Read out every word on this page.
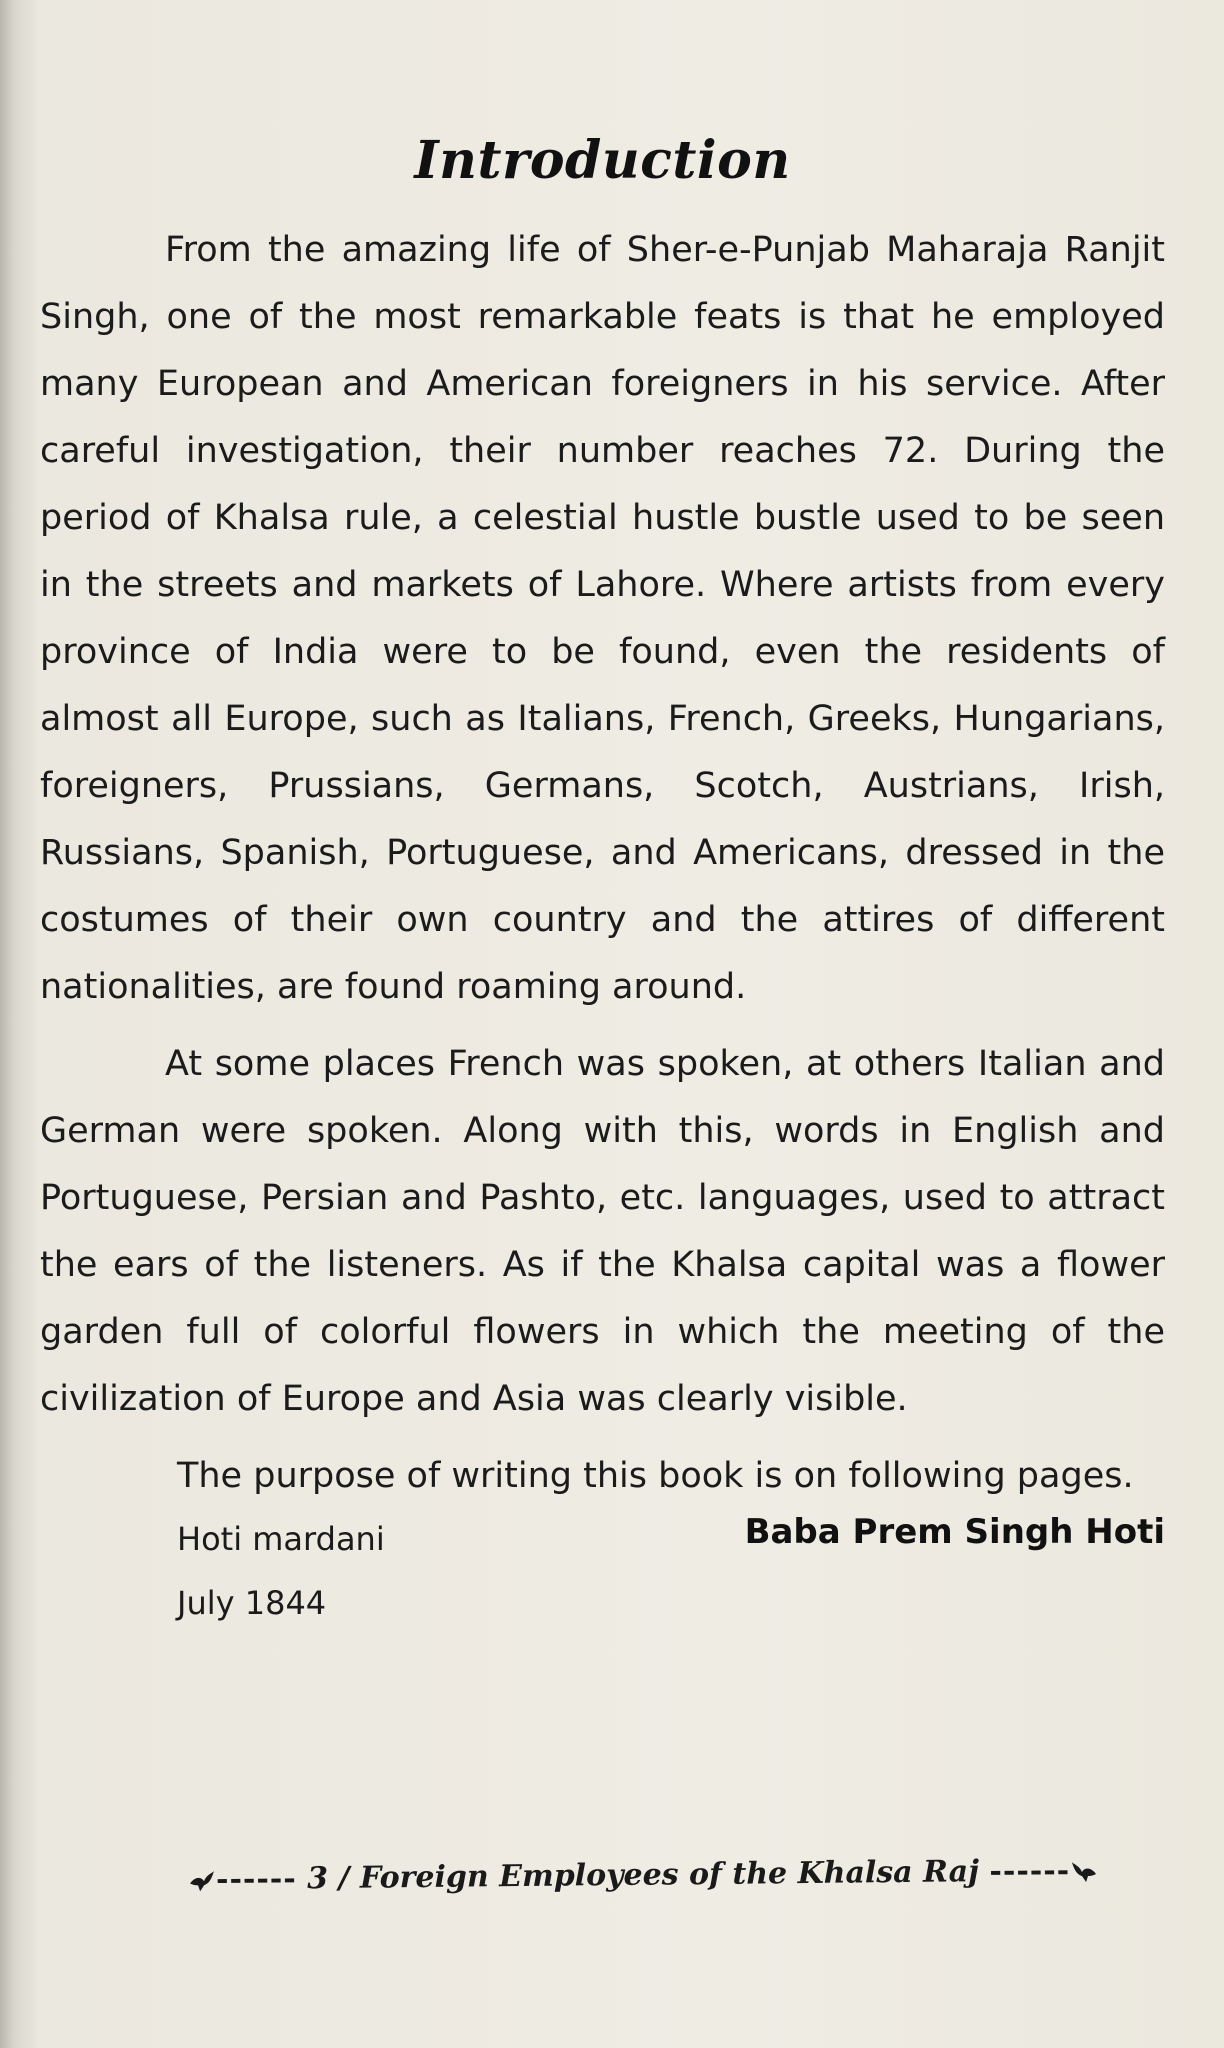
Introduction

From the amazing life of Sher-e-Punjab Maharaja Ranjit Singh, one of the most remarkable feats is that he employed many European and American foreigners in his service. After careful investigation, their number reaches 72. During the period of Khalsa rule, a celestial hustle bustle used to be seen in the streets and markets of Lahore. Where artists from every province of India were to be found, even the residents of almost all Europe, such as Italians, French, Greeks, Hungarians, foreigners, Prussians, Germans, Scotch, Austrians, Irish, Russians, Spanish, Portuguese, and Americans, dressed in the costumes of their own country and the attires of different nationalities, are found roaming around.

At some places French was spoken, at others Italian and German were spoken. Along with this, words in English and Portuguese, Persian and Pashto, etc. languages, used to attract the ears of the listeners. As if the Khalsa capital was a flower garden full of colorful flowers in which the meeting of the civilization of Europe and Asia was clearly visible.

The purpose of writing this book is on following pages.

Hoti mardani	Baba Prem Singh Hoti
July 1844
------ 3 / Foreign Employees of the Khalsa Raj ------
